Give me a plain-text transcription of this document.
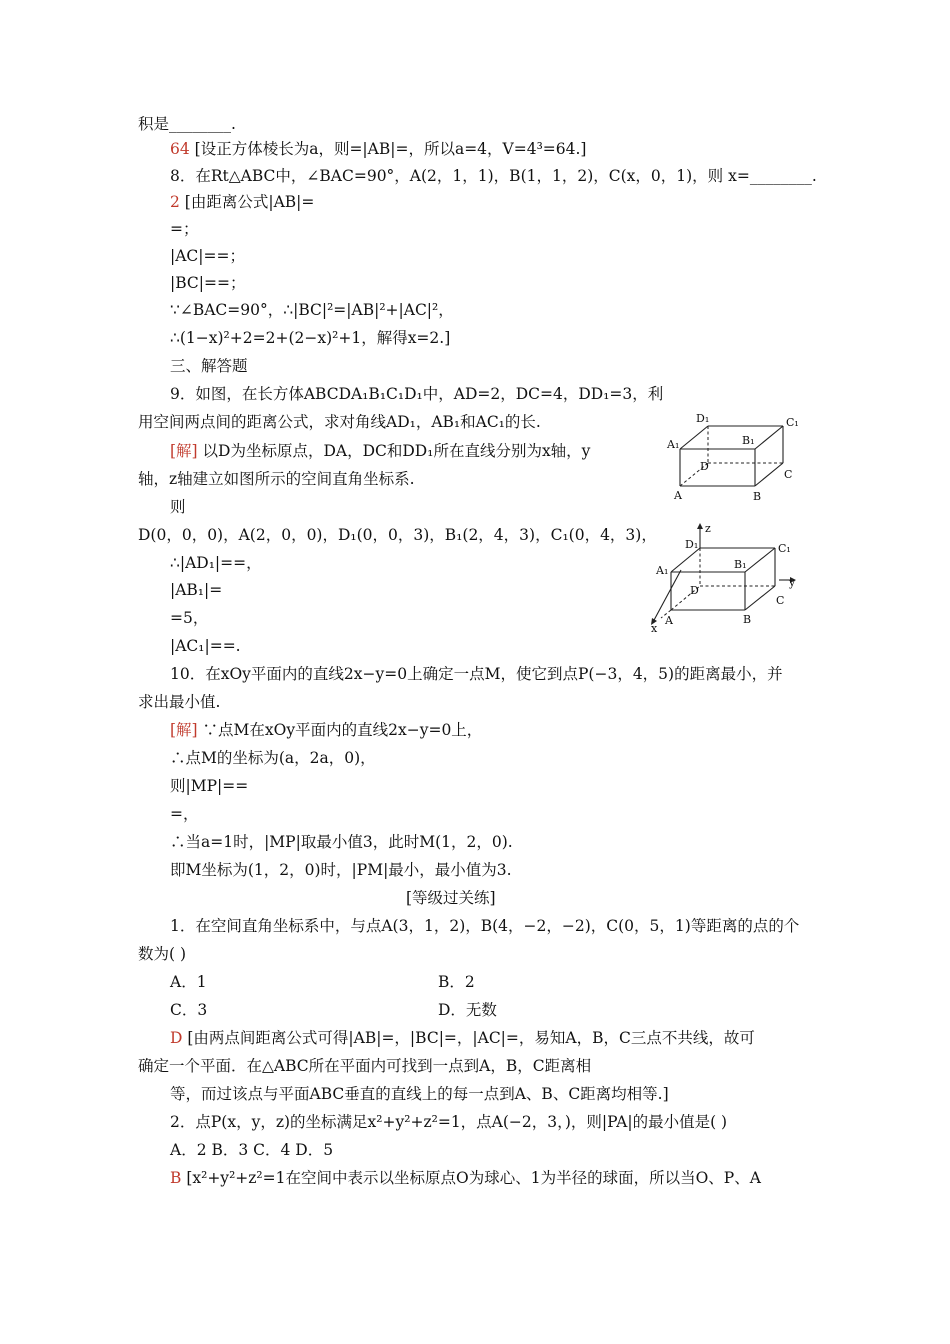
积是________.
64 [设正方体棱长为a，则=|AB|=，所以a=4，V=4³=64.]
8．在Rt△ABC中，∠BAC=90°，A(2，1，1)，B(1，1，2)，C(x，0，1)，则 x=________.
2 [由距离公式|AB|=
=；
|AC|==；
|BC|==；
∵∠BAC=90°，∴|BC|²=|AB|²+|AC|²，
∴(1−x)²+2=2+(2−x)²+1，解得x=2.]
三、解答题
9．如图，在长方体ABCDA₁B₁C₁D₁中，AD=2，DC=4，DD₁=3，利
用空间两点间的距离公式，求对角线AD₁，AB₁和AC₁的长.
[解] 以D为坐标原点，DA，DC和DD₁所在直线分别为x轴，y
轴，z轴建立如图所示的空间直角坐标系.
则
D(0，0，0)，A(2，0，0)，D₁(0，0，3)，B₁(2，4，3)，C₁(0，4，3)，
∴|AD₁|==，
|AB₁|=
=5，
|AC₁|==.
10．在xOy平面内的直线2x−y=0上确定一点M，使它到点P(−3，4，5)的距离最小，并
求出最小值.
[解] ∵点M在xOy平面内的直线2x−y=0上，
∴点M的坐标为(a，2a，0)，
则|MP|==
=，
∴当a=1时，|MP|取最小值3，此时M(1，2，0).
即M坐标为(1，2，0)时，|PM|最小，最小值为3.
[等级过关练]
1．在空间直角坐标系中，与点A(3，1，2)，B(4，−2，−2)，C(0，5，1)等距离的点的个
数为( )
A．1	B．2
C．3	D．无数
D [由两点间距离公式可得|AB|=，|BC|=，|AC|=，易知A，B，C三点不共线，故可
确定一个平面．在△ABC所在平面内可找到一点到A，B，C距离相
等，而过该点与平面ABC垂直的直线上的每一点到A、B、C距离均相等.]
2．点P(x，y，z)的坐标满足x²+y²+z²=1，点A(−2，3，)，则|PA|的最小值是( )
A．2 B．3 C．4 D．5
B [x²+y²+z²=1在空间中表示以坐标原点O为球心、1为半径的球面，所以当O、P、A
D₁	C₁
A₁	B₁
D
C
A	B
z
D₁	C₁
A₁	B₁
D
y
C
A	B
x
